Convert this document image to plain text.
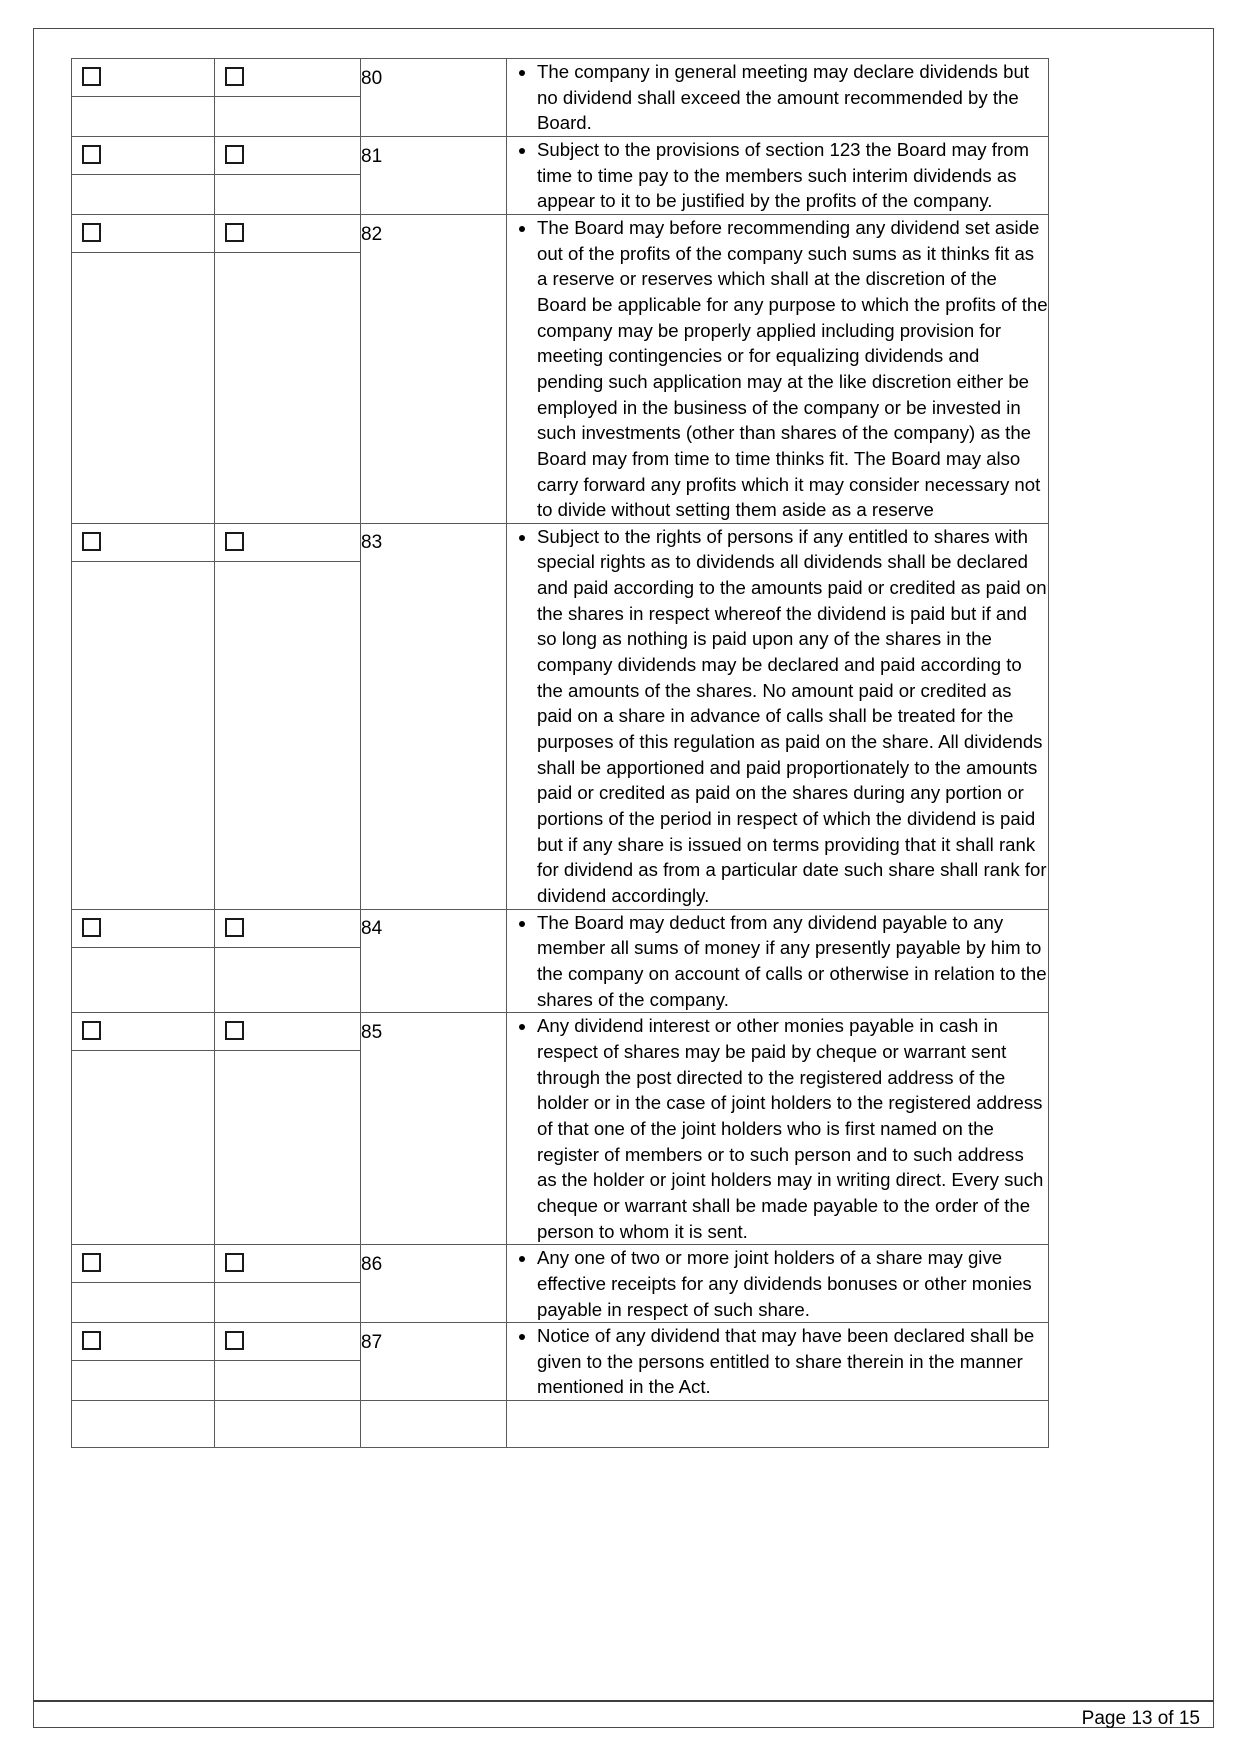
80

•The company in general meeting may declare dividends but no dividend shall exceed the amount recommended by the Board.

81

•Subject to the provisions of section 123 the Board may from time to time pay to the members such interim dividends as appear to it to be justified by the profits of the company.

82

•The Board may before recommending any dividend set aside out of the profits of the company such sums as it thinks fit as a reserve or reserves which shall at the discretion of the Board be applicable for any purpose to which the profits of the company may be properly applied including provision for meeting contingencies or for equalizing dividends and pending such application may at the like discretion either be employed in the business of the company or be invested in such investments (other than shares of the company) as the Board may from time to time thinks fit. The Board may also carry forward any profits which it may consider necessary not to divide without setting them aside as a reserve

83

•Subject to the rights of persons if any entitled to shares with special rights as to dividends all dividends shall be declared and paid according to the amounts paid or credited as paid on the shares in respect whereof the dividend is paid but if and so long as nothing is paid upon any of the shares in the company dividends may be declared and paid according to the amounts of the shares. No amount paid or credited as paid on a share in advance of calls shall be treated for the purposes of this regulation as paid on the share. All dividends shall be apportioned and paid proportionately to the amounts paid or credited as paid on the shares during any portion or portions of the period in respect of which the dividend is paid but if any share is issued on terms providing that it shall rank for dividend as from a particular date such share shall rank for dividend accordingly.

84

•The Board may deduct from any dividend payable to any member all sums of money if any presently payable by him to the company on account of calls or otherwise in relation to the shares of the company.

85

•Any dividend interest or other monies payable in cash in respect of shares may be paid by cheque or warrant sent through the post directed to the registered address of the holder or in the case of joint holders to the registered address of that one of the joint holders who is first named on the register of members or to such person and to such address as the holder or joint holders may in writing direct. Every such cheque or warrant shall be made payable to the order of the person to whom it is sent.

86

•Any one of two or more joint holders of a share may give effective receipts for any dividends bonuses or other monies payable in respect of such share.

87

•Notice of any dividend that may have been declared shall be given to the persons entitled to share therein in the manner mentioned in the Act.

Page 13 of 15
